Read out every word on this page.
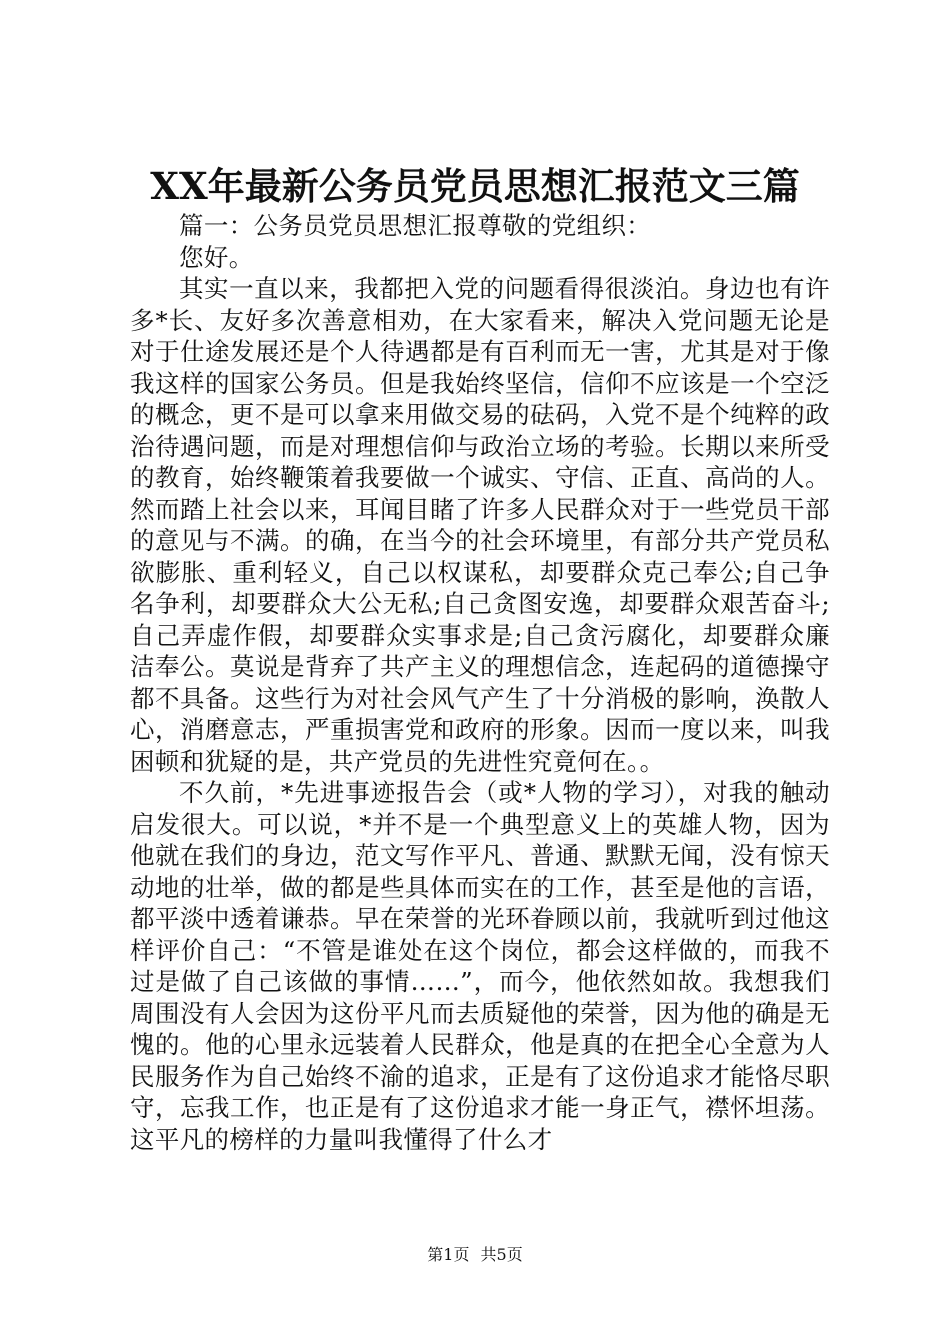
XX年最新公务员党员思想汇报范文三篇

篇一：公务员党员思想汇报尊敬的党组织：

您好。

其实一直以来，我都把入党的问题看得很淡泊。身边也有许多*长、友好多次善意相劝，在大家看来，解决入党问题无论是对于仕途发展还是个人待遇都是有百利而无一害，尤其是对于像我这样的国家公务员。但是我始终坚信，信仰不应该是一个空泛的概念，更不是可以拿来用做交易的砝码，入党不是个纯粹的政治待遇问题，而是对理想信仰与政治立场的考验。长期以来所受的教育，始终鞭策着我要做一个诚实、守信、正直、高尚的人。然而踏上社会以来，耳闻目睹了许多人民群众对于一些党员干部的意见与不满。的确，在当今的社会环境里，有部分共产党员私欲膨胀、重利轻义，自己以权谋私，却要群众克己奉公;自己争名争利，却要群众大公无私;自己贪图安逸，却要群众艰苦奋斗;自己弄虚作假，却要群众实事求是;自己贪污腐化，却要群众廉洁奉公。莫说是背弃了共产主义的理想信念，连起码的道德操守都不具备。这些行为对社会风气产生了十分消极的影响，涣散人心，消磨意志，严重损害党和政府的形象。因而一度以来，叫我困顿和犹疑的是，共产党员的先进性究竟何在。。

不久前，*先进事迹报告会（或*人物的学习），对我的触动启发很大。可以说，*并不是一个典型意义上的英雄人物，因为他就在我们的身边，范文写作平凡、普通、默默无闻，没有惊天动地的壮举，做的都是些具体而实在的工作，甚至是他的言语，都平淡中透着谦恭。早在荣誉的光环眷顾以前，我就听到过他这样评价自己：“不管是谁处在这个岗位，都会这样做的，而我不过是做了自己该做的事情……”，而今，他依然如故。我想我们周围没有人会因为这份平凡而去质疑他的荣誉，因为他的确是无愧的。他的心里永远装着人民群众，他是真的在把全心全意为人民服务作为自己始终不渝的追求，正是有了这份追求才能恪尽职守，忘我工作，也正是有了这份追求才能一身正气，襟怀坦荡。这平凡的榜样的力量叫我懂得了什么才

第1页 共5页
